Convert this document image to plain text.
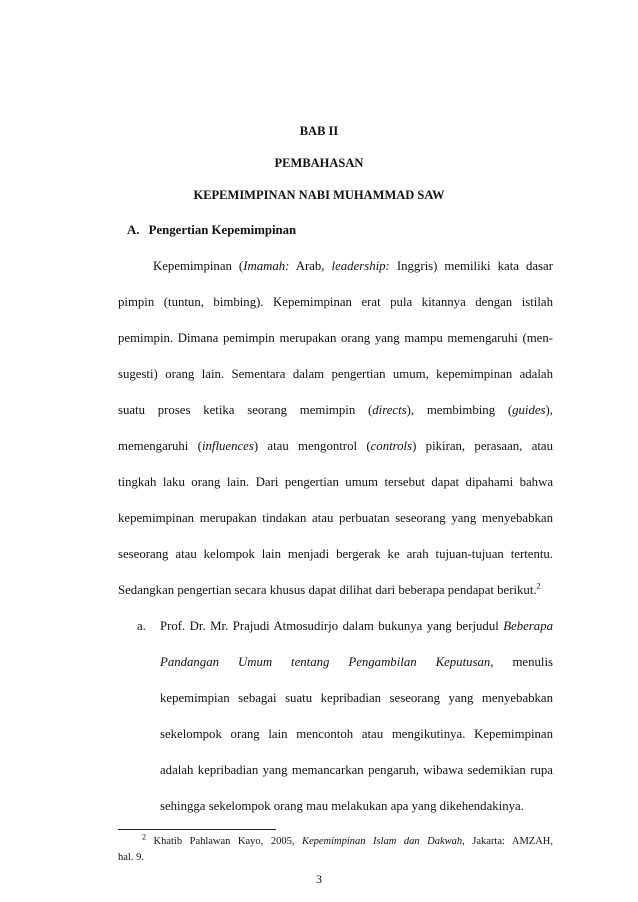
BAB II
PEMBAHASAN
KEPEMIMPINAN NABI MUHAMMAD SAW
A. Pengertian Kepemimpinan
Kepemimpinan (Imamah: Arab, leadership: Inggris) memiliki kata dasar
pimpin (tuntun, bimbing). Kepemimpinan erat pula kitannya dengan istilah
pemimpin. Dimana pemimpin merupakan orang yang mampu memengaruhi (men-
sugesti) orang lain. Sementara dalam pengertian umum, kepemimpinan adalah
suatu proses ketika seorang memimpin (directs), membimbing (guides),
memengaruhi (influences) atau mengontrol (controls) pikiran, perasaan, atau
tingkah laku orang lain. Dari pengertian umum tersebut dapat dipahami bahwa
kepemimpinan merupakan tindakan atau perbuatan seseorang yang menyebabkan
seseorang atau kelompok lain menjadi bergerak ke arah tujuan-tujuan tertentu.
Sedangkan pengertian secara khusus dapat dilihat dari beberapa pendapat berikut.$^2$
a. Prof. Dr. Mr. Prajudi Atmosudirjo dalam bukunya yang berjudul Beberapa
Pandangan Umum tentang Pengambilan Keputusan, menulis
kepemimpian sebagai suatu kepribadian seseorang yang menyebabkan
sekelompok orang lain mencontoh atau mengikutinya. Kepemimpinan
adalah kepribadian yang memancarkan pengaruh, wibawa sedemikian rupa
sehingga sekelompok orang mau melakukan apa yang dikehendakinya.
$^2$ Khatib Pahlawan Kayo, 2005, Kepemimpinan Islam dan Dakwah, Jakarta: AMZAH,
hal. 9.
3
